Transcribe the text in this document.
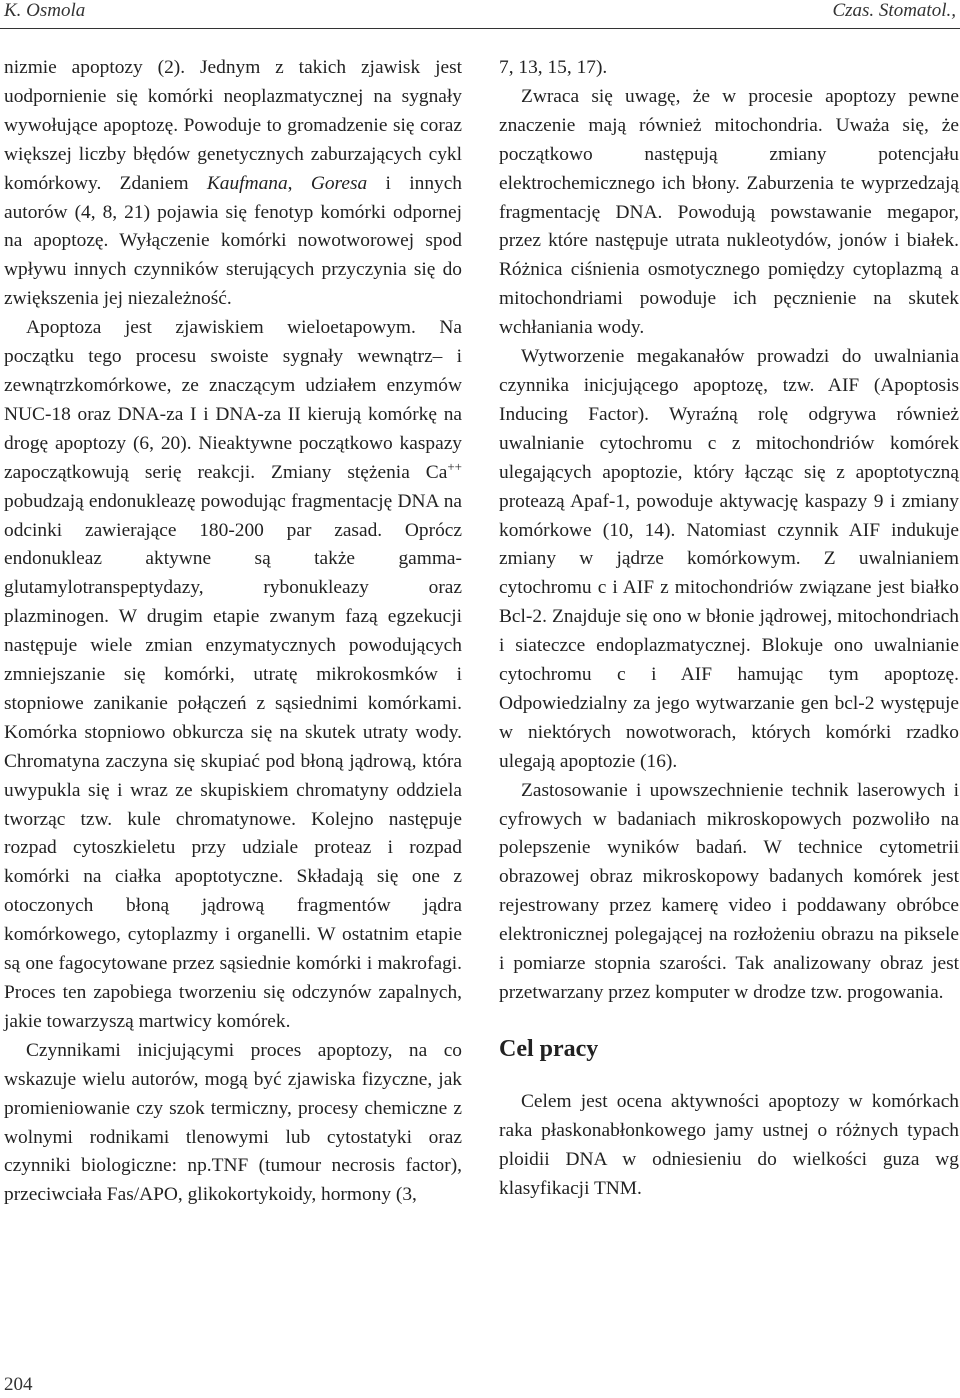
K. Osmola	Czas. Stomatol.,

nizmie apoptozy (2). Jednym z takich zjawisk jest uodpornienie się komórki neoplazmatycznej na sygnały wywołujące apoptozę. Powoduje to gromadzenie się coraz większej liczby błędów genetycznych zaburzających cykl komórkowy. Zdaniem Kaufmana, Goresa i innych autorów (4, 8, 21) pojawia się fenotyp komórki odpornej na apoptozę. Wyłączenie komórki nowotworowej spod wpływu innych czynników sterujących przyczynia się do zwiększenia jej niezależność.

Apoptoza jest zjawiskiem wieloetapowym. Na początku tego procesu swoiste sygnały wewnątrz– i zewnątrzkomórkowe, ze znaczącym udziałem enzymów NUC-18 oraz DNA-za I i DNA-za II kierują komórkę na drogę apoptozy (6, 20). Nieaktywne początkowo kaspazy zapoczątkowują serię reakcji. Zmiany stężenia Ca++ pobudzają endonukleazę powodując fragmentację DNA na odcinki zawierające 180-200 par zasad. Oprócz endonukleaz aktywne są także gamma-glutamylotranspeptydazy, rybonukleazy oraz plazminogen. W drugim etapie zwanym fazą egzekucji następuje wiele zmian enzymatycznych powodujących zmniejszanie się komórki, utratę mikrokosmków i stopniowe zanikanie połączeń z sąsiednimi komórkami. Komórka stopniowo obkurcza się na skutek utraty wody. Chromatyna zaczyna się skupiać pod błoną jądrową, która uwypukla się i wraz ze skupiskiem chromatyny oddziela tworząc tzw. kule chromatynowe. Kolejno następuje rozpad cytoszkieletu przy udziale proteaz i rozpad komórki na ciałka apoptotyczne. Składają się one z otoczonych błoną jądrową fragmentów jądra komórkowego, cytoplazmy i organelli. W ostatnim etapie są one fagocytowane przez sąsiednie komórki i makrofagi. Proces ten zapobiega tworzeniu się odczynów zapalnych, jakie towarzyszą martwicy komórek.

Czynnikami inicjującymi proces apoptozy, na co wskazuje wielu autorów, mogą być zjawiska fizyczne, jak promieniowanie czy szok termiczny, procesy chemiczne z wolnymi rodnikami tlenowymi lub cytostatyki oraz czynniki biologiczne: np.TNF (tumour necrosis factor), przeciwciała Fas/APO, glikokortykoidy, hormony (3,

7, 13, 15, 17).

Zwraca się uwagę, że w procesie apoptozy pewne znaczenie mają również mitochondria. Uważa się, że początkowo następują zmiany potencjału elektrochemicznego ich błony. Zaburzenia te wyprzedzają fragmentację DNA. Powodują powstawanie megapor, przez które następuje utrata nukleotydów, jonów i białek. Różnica ciśnienia osmotycznego pomiędzy cytoplazmą a mitochondriami powoduje ich pęcznienie na skutek wchłaniania wody.

Wytworzenie megakanałów prowadzi do uwalniania czynnika inicjującego apoptozę, tzw. AIF (Apoptosis Inducing Factor). Wyraźną rolę odgrywa również uwalnianie cytochromu c z mitochondriów komórek ulegających apoptozie, który łącząc się z apoptotyczną proteazą Apaf-1, powoduje aktywację kaspazy 9 i zmiany komórkowe (10, 14). Natomiast czynnik AIF indukuje zmiany w jądrze komórkowym. Z uwalnianiem cytochromu c i AIF z mitochondriów związane jest białko Bcl-2. Znajduje się ono w błonie jądrowej, mitochondriach i siateczce endoplazmatycznej. Blokuje ono uwalnianie cytochromu c i AIF hamując tym apoptozę. Odpowiedzialny za jego wytwarzanie gen bcl-2 występuje w niektórych nowotworach, których komórki rzadko ulegają apoptozie (16).

Zastosowanie i upowszechnienie technik laserowych i cyfrowych w badaniach mikroskopowych pozwoliło na polepszenie wyników badań. W technice cytometrii obrazowej obraz mikroskopowy badanych komórek jest rejestrowany przez kamerę video i poddawany obróbce elektronicznej polegającej na rozłożeniu obrazu na piksele i pomiarze stopnia szarości. Tak analizowany obraz jest przetwarzany przez komputer w drodze tzw. progowania.

Cel pracy

Celem jest ocena aktywności apoptozy w komórkach raka płaskonabłonkowego jamy ustnej o różnych typach ploidii DNA w odniesieniu do wielkości guza wg klasyfikacji TNM.

204
